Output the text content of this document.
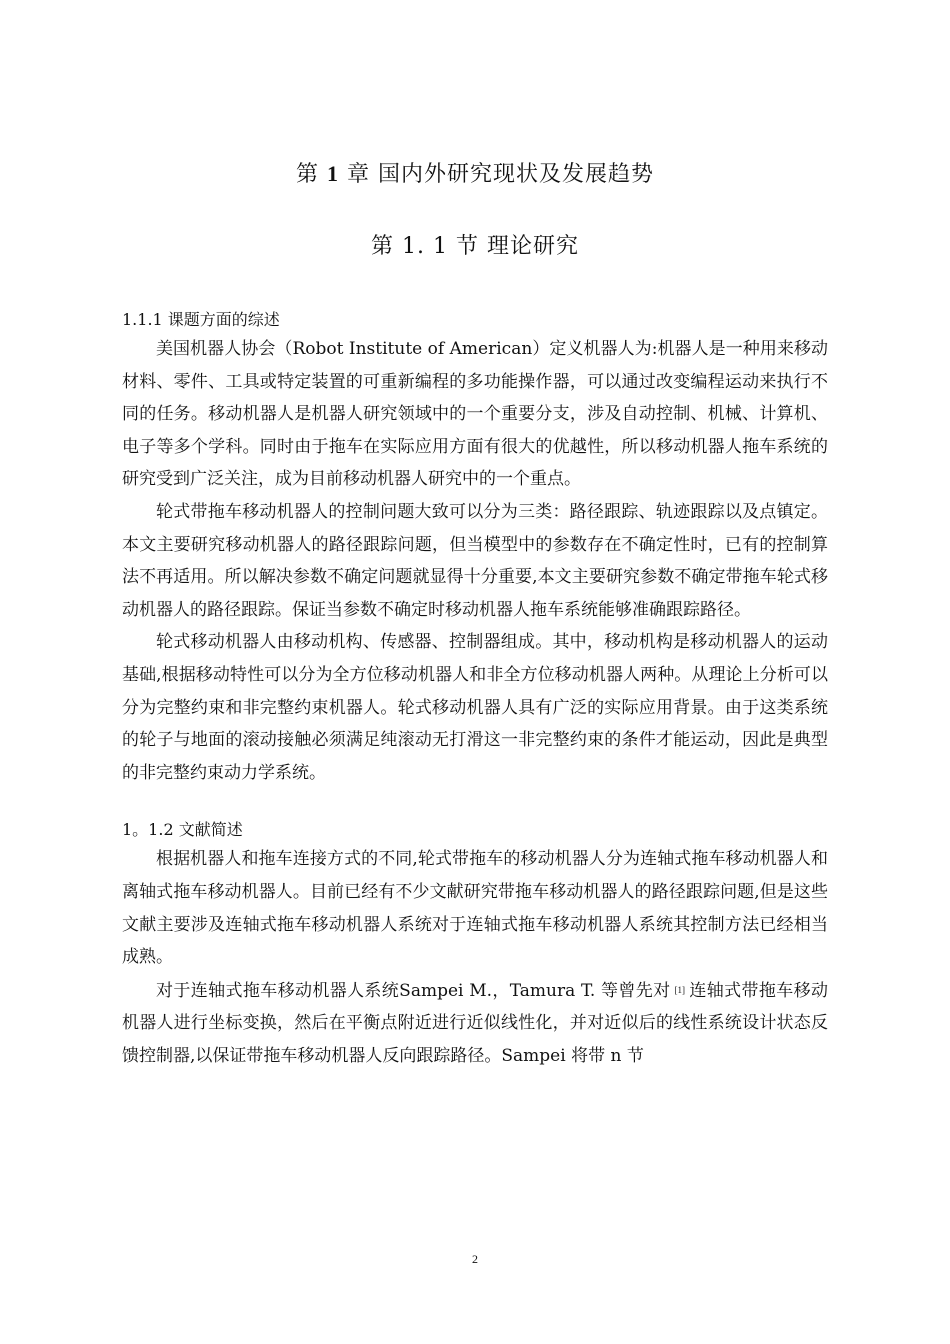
第 1 章 国内外研究现状及发展趋势
第 1. 1 节 理论研究

1.1.1 课题方面的综述

美国机器人协会（Robot Institute of American）定义机器人为:机器人是一种用来移动材料、零件、工具或特定装置的可重新编程的多功能操作器，可以通过改变编程运动来执行不同的任务。移动机器人是机器人研究领域中的一个重要分支，涉及自动控制、机械、计算机、电子等多个学科。同时由于拖车在实际应用方面有很大的优越性，所以移动机器人拖车系统的研究受到广泛关注，成为目前移动机器人研究中的一个重点。

轮式带拖车移动机器人的控制问题大致可以分为三类：路径跟踪、轨迹跟踪以及点镇定。本文主要研究移动机器人的路径跟踪问题，但当模型中的参数存在不确定性时，已有的控制算法不再适用。所以解决参数不确定问题就显得十分重要,本文主要研究参数不确定带拖车轮式移动机器人的路径跟踪。保证当参数不确定时移动机器人拖车系统能够准确跟踪路径。

轮式移动机器人由移动机构、传感器、控制器组成。其中，移动机构是移动机器人的运动基础,根据移动特性可以分为全方位移动机器人和非全方位移动机器人两种。从理论上分析可以分为完整约束和非完整约束机器人。轮式移动机器人具有广泛的实际应用背景。由于这类系统的轮子与地面的滚动接触必须满足纯滚动无打滑这一非完整约束的条件才能运动，因此是典型的非完整约束动力学系统。

1。1.2 文献简述

根据机器人和拖车连接方式的不同,轮式带拖车的移动机器人分为连轴式拖车移动机器人和离轴式拖车移动机器人。目前已经有不少文献研究带拖车移动机器人的路径跟踪问题,但是这些文献主要涉及连轴式拖车移动机器人系统对于连轴式拖车移动机器人系统其控制方法已经相当成熟。

对于连轴式拖车移动机器人系统Sampei M.，Tamura T. 等曾先对 [1] 连轴式带拖车移动机器人进行坐标变换，然后在平衡点附近进行近似线性化，并对近似后的线性系统设计状态反馈控制器,以保证带拖车移动机器人反向跟踪路径。Sampei 将带 n 节

2
